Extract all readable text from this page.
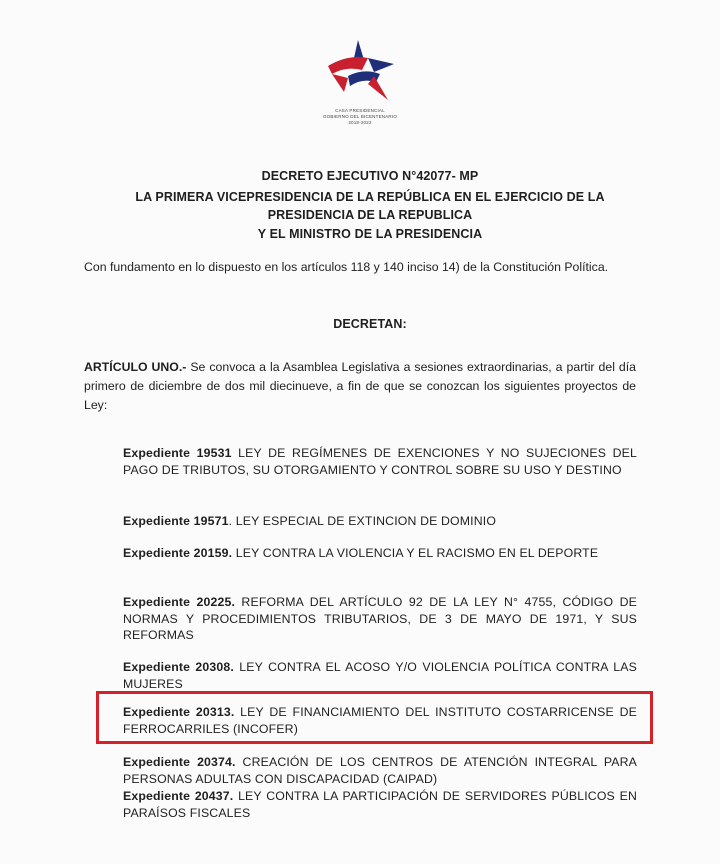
CASA PRESIDENCIAL
GOBIERNO DEL BICENTENARIO
2018-2022
DECRETO EJECUTIVO N°42077- MP
LA PRIMERA VICEPRESIDENCIA DE LA REPÚBLICA EN EL EJERCICIO DE LA
PRESIDENCIA DE LA REPUBLICA
Y EL MINISTRO DE LA PRESIDENCIA
Con fundamento en lo dispuesto en los artículos 118 y 140 inciso 14) de la Constitución Política.
DECRETAN:
ARTÍCULO UNO.- Se convoca a la Asamblea Legislativa a sesiones extraordinarias, a partir del día primero de diciembre de dos mil diecinueve, a fin de que se conozcan los siguientes proyectos de Ley:
Expediente 19531 LEY DE REGÍMENES DE EXENCIONES Y NO SUJECIONES DEL PAGO DE TRIBUTOS, SU OTORGAMIENTO Y CONTROL SOBRE SU USO Y DESTINO
Expediente 19571. LEY ESPECIAL DE EXTINCION DE DOMINIO
Expediente 20159. LEY CONTRA LA VIOLENCIA Y EL RACISMO EN EL DEPORTE
Expediente 20225. REFORMA DEL ARTÍCULO 92 DE LA LEY N° 4755, CÓDIGO DE NORMAS Y PROCEDIMIENTOS TRIBUTARIOS, DE 3 DE MAYO DE 1971, Y SUS REFORMAS
Expediente 20308. LEY CONTRA EL ACOSO Y/O VIOLENCIA POLÍTICA CONTRA LAS MUJERES
Expediente 20313. LEY DE FINANCIAMIENTO DEL INSTITUTO COSTARRICENSE DE FERROCARRILES (INCOFER)
Expediente 20374. CREACIÓN DE LOS CENTROS DE ATENCIÓN INTEGRAL PARA PERSONAS ADULTAS CON DISCAPACIDAD (CAIPAD)
Expediente 20437. LEY CONTRA LA PARTICIPACIÓN DE SERVIDORES PÚBLICOS EN PARAÍSOS FISCALES
